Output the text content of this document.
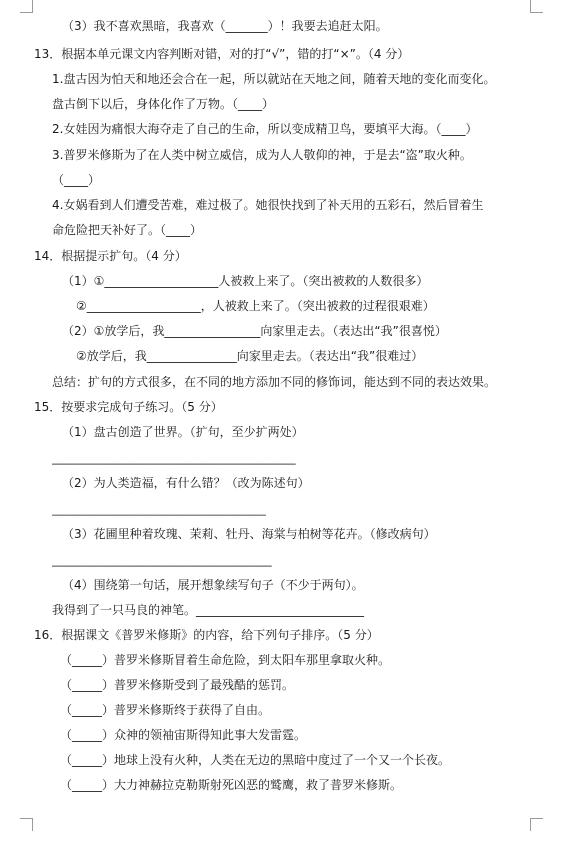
（3）我不喜欢黑暗，我喜欢（_______）！我要去追赶太阳。
13．根据本单元课文内容判断对错，对的打“√”，错的打“×”。（4 分）
1.盘古因为怕天和地还会合在一起，所以就站在天地之间，随着天地的变化而变化。
盘古倒下以后，身体化作了万物。（____）
2.女娃因为痛恨大海夺走了自己的生命，所以变成精卫鸟，要填平大海。（____）
3.普罗米修斯为了在人类中树立威信，成为人人敬仰的神，于是去“盗”取火种。
（____）
4.女娲看到人们遭受苦难，难过极了。她很快找到了补天用的五彩石，然后冒着生
命危险把天补好了。（____）
14．根据提示扩句。（4 分）
（1）①___________________人被救上来了。（突出被救的人数很多）
②___________________，人被救上来了。（突出被救的过程很艰难）
（2）①放学后，我________________向家里走去。（表达出“我”很喜悦）
②放学后，我_______________向家里走去。（表达出“我”很难过）
总结：扩句的方式很多，在不同的地方添加不同的修饰词，能达到不同的表达效果。
15．按要求完成句子练习。（5 分）
（1）盘古创造了世界。（扩句，至少扩两处）
____________________________________________
（2）为人类造福，有什么错？（改为陈述句）
_______________________________________
（3）花圃里种着玫瑰、茉莉、牡丹、海棠与柏树等花卉。（修改病句）
_______________________________________
（4）围绕第一句话，展开想象续写句子（不少于两句）。
我得到了一只马良的神笔。____________________________
16．根据课文《普罗米修斯》的内容，给下列句子排序。（5 分）
（_____）普罗米修斯冒着生命危险，到太阳车那里拿取火种。
（_____）普罗米修斯受到了最残酷的惩罚。
（_____）普罗米修斯终于获得了自由。
（_____）众神的领袖宙斯得知此事大发雷霆。
（_____）地球上没有火种，人类在无边的黑暗中度过了一个又一个长夜。
（_____）大力神赫拉克勒斯射死凶恶的鹫鹰，救了普罗米修斯。
